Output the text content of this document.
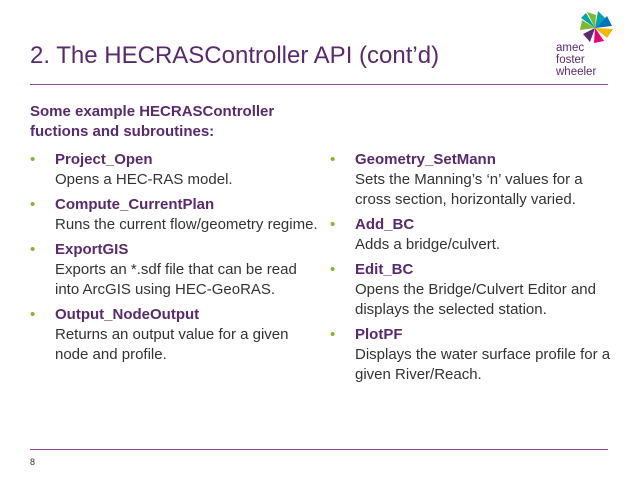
2. The HECRASController API (cont’d)	amec
foster
wheeler
Some example HECRASController fuctions and subroutines:
• Project_Open
Opens a HEC-RAS model.
• Compute_CurrentPlan
Runs the current flow/geometry regime.
• ExportGIS
Exports an *.sdf file that can be read into ArcGIS using HEC-GeoRAS.
• Output_NodeOutput
Returns an output value for a given node and profile.
• Geometry_SetMann
Sets the Manning’s ‘n’ values for a cross section, horizontally varied.
• Add_BC
Adds a bridge/culvert.
• Edit_BC
Opens the Bridge/Culvert Editor and displays the selected station.
• PlotPF
Displays the water surface profile for a given River/Reach.
8
